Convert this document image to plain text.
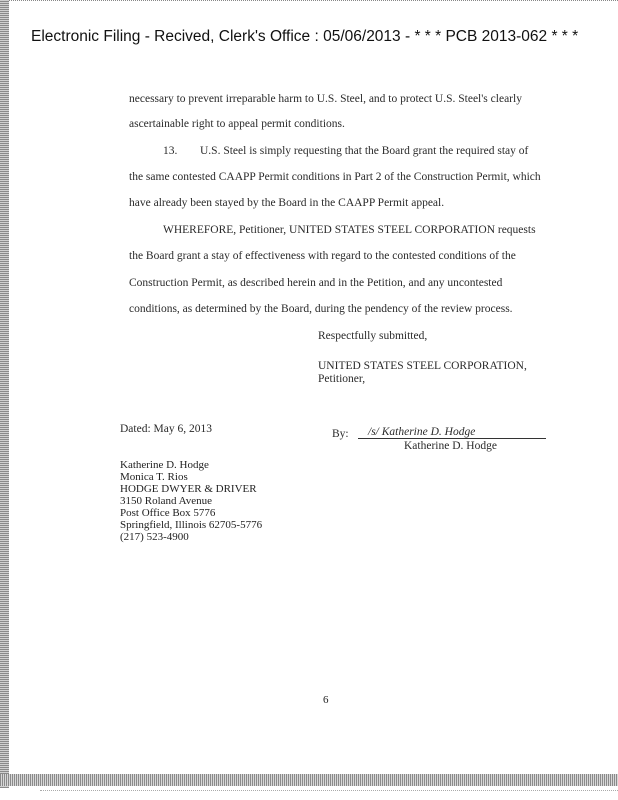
Electronic Filing - Recived, Clerk's Office : 05/06/2013 - * * * PCB 2013-062 * * *
necessary to prevent irreparable harm to U.S. Steel, and to protect U.S. Steel's clearly
ascertainable right to appeal permit conditions.
13. U.S. Steel is simply requesting that the Board grant the required stay of
the same contested CAAPP Permit conditions in Part 2 of the Construction Permit, which
have already been stayed by the Board in the CAAPP Permit appeal.
WHEREFORE, Petitioner, UNITED STATES STEEL CORPORATION requests
the Board grant a stay of effectiveness with regard to the contested conditions of the
Construction Permit, as described herein and in the Petition, and any uncontested
conditions, as determined by the Board, during the pendency of the review process.
Respectfully submitted,
UNITED STATES STEEL CORPORATION,
Petitioner,
Dated: May 6, 2013	By: /s/ Katherine D. Hodge
Katherine D. Hodge
Katherine D. Hodge
Monica T. Rios
HODGE DWYER & DRIVER
3150 Roland Avenue
Post Office Box 5776
Springfield, Illinois 62705-5776
(217) 523-4900
6
